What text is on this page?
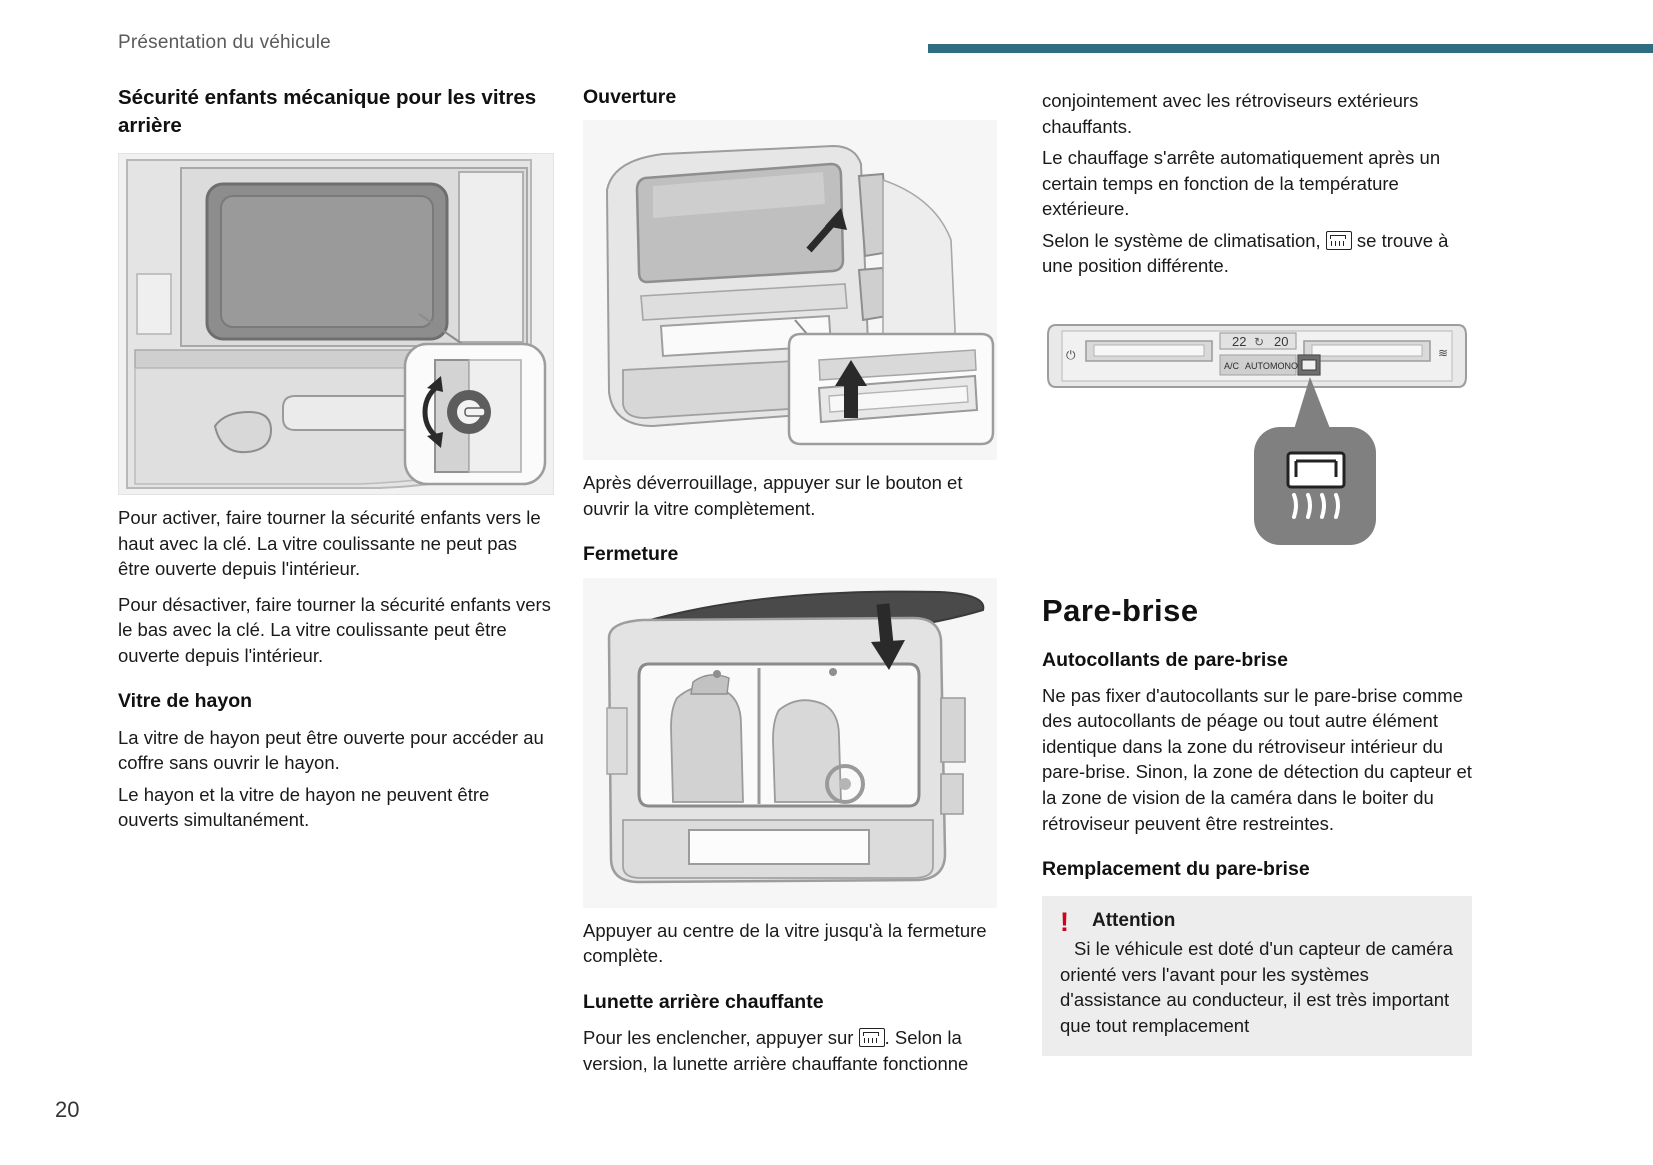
Présentation du véhicule
Sécurité enfants mécanique pour les vitres arrière

Pour activer, faire tourner la sécurité enfants vers le haut avec la clé. La vitre coulissante ne peut pas être ouverte depuis l'intérieur.

Pour désactiver, faire tourner la sécurité enfants vers le bas avec la clé. La vitre coulissante peut être ouverte depuis l'intérieur.

Vitre de hayon

La vitre de hayon peut être ouverte pour accéder au coffre sans ouvrir le hayon.

Le hayon et la vitre de hayon ne peuvent être ouverts simultanément.

Ouverture

Après déverrouillage, appuyer sur le bouton et ouvrir la vitre complètement.

Fermeture

Appuyer au centre de la vitre jusqu'à la fermeture complète.

Lunette arrière chauffante

Pour les enclencher, appuyer sur . Selon la version, la lunette arrière chauffante fonctionne

conjointement avec les rétroviseurs extérieurs chauffants.

Le chauffage s'arrête automatiquement après un certain temps en fonction de la température extérieure.

Selon le système de climatisation,  se trouve à une position différente.

22 20
↻
A/C AUTO MONO
⏻	≋
Pare-brise
Autocollants de pare-brise

Ne pas fixer d'autocollants sur le pare-brise comme des autocollants de péage ou tout autre élément identique dans la zone du rétroviseur intérieur du pare-brise. Sinon, la zone de détection du capteur et la zone de vision de la caméra dans le boiter du rétroviseur peuvent être restreintes.

Remplacement du pare-brise
! Attention

Si le véhicule est doté d'un capteur de caméra orienté vers l'avant pour les systèmes d'assistance au conducteur, il est très important que tout remplacement

20
